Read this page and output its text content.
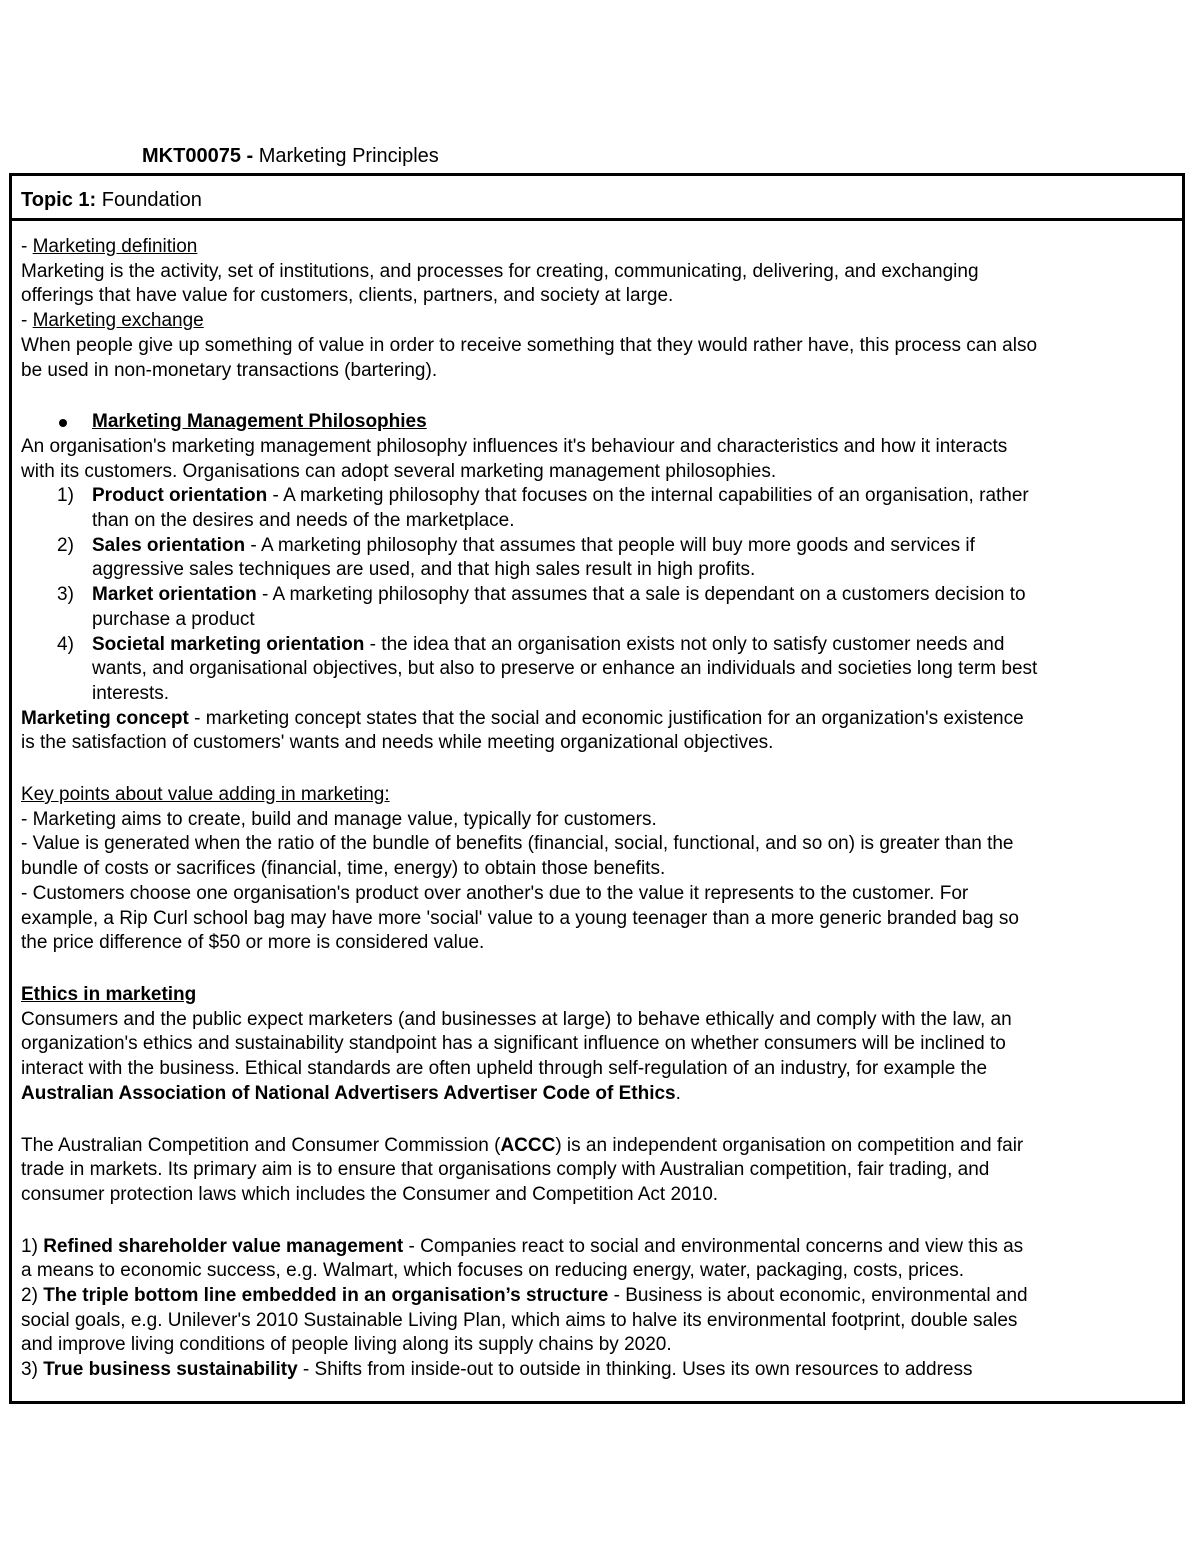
MKT00075 - Marketing Principles
Topic 1: Foundation
- Marketing definition
Marketing is the activity, set of institutions, and processes for creating, communicating, delivering, and exchanging
offerings that have value for customers, clients, partners, and society at large.
- Marketing exchange
When people give up something of value in order to receive something that they would rather have, this process can also
be used in non-monetary transactions (bartering).
Marketing Management Philosophies
An organisation's marketing management philosophy influences it's behaviour and characteristics and how it interacts
with its customers. Organisations can adopt several marketing management philosophies.
1) Product orientation - A marketing philosophy that focuses on the internal capabilities of an organisation, rather
than on the desires and needs of the marketplace.
2) Sales orientation - A marketing philosophy that assumes that people will buy more goods and services if
aggressive sales techniques are used, and that high sales result in high profits.
3) Market orientation - A marketing philosophy that assumes that a sale is dependant on a customers decision to
purchase a product
4) Societal marketing orientation - the idea that an organisation exists not only to satisfy customer needs and
wants, and organisational objectives, but also to preserve or enhance an individuals and societies long term best
interests.
Marketing concept - marketing concept states that the social and economic justification for an organization's existence
is the satisfaction of customers' wants and needs while meeting organizational objectives.
Key points about value adding in marketing:
- Marketing aims to create, build and manage value, typically for customers.
- Value is generated when the ratio of the bundle of benefits (financial, social, functional, and so on) is greater than the
bundle of costs or sacrifices (financial, time, energy) to obtain those benefits.
- Customers choose one organisation's product over another's due to the value it represents to the customer. For
example, a Rip Curl school bag may have more 'social' value to a young teenager than a more generic branded bag so
the price difference of $50 or more is considered value.
Ethics in marketing
Consumers and the public expect marketers (and businesses at large) to behave ethically and comply with the law, an
organization's ethics and sustainability standpoint has a significant influence on whether consumers will be inclined to
interact with the business. Ethical standards are often upheld through self-regulation of an industry, for example the
Australian Association of National Advertisers Advertiser Code of Ethics.
The Australian Competition and Consumer Commission (ACCC) is an independent organisation on competition and fair
trade in markets. Its primary aim is to ensure that organisations comply with Australian competition, fair trading, and
consumer protection laws which includes the Consumer and Competition Act 2010.
1) Refined shareholder value management - Companies react to social and environmental concerns and view this as
a means to economic success, e.g. Walmart, which focuses on reducing energy, water, packaging, costs, prices.
2) The triple bottom line embedded in an organisation’s structure - Business is about economic, environmental and
social goals, e.g. Unilever's 2010 Sustainable Living Plan, which aims to halve its environmental footprint, double sales
and improve living conditions of people living along its supply chains by 2020.
3) True business sustainability - Shifts from inside-out to outside in thinking. Uses its own resources to address
